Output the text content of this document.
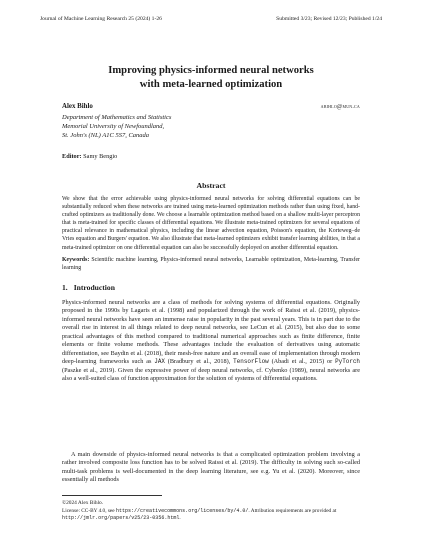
Journal of Machine Learning Research 25 (2024) 1-26	Submitted 3/23; Revised 12/23; Published 1/24
Improving physics-informed neural networks
with meta-learned optimization
Alex Bihlo	abihlo@mun.ca
Department of Mathematics and Statistics
Memorial University of Newfoundland,
St. John's (NL) A1C 5S7, Canada
Editor: Samy Bengio
Abstract
We show that the error achievable using physics-informed neural networks for solving differential equations can be substantially reduced when these networks are trained using meta-learned optimization methods rather than using fixed, hand-crafted optimizers as traditionally done. We choose a learnable optimization method based on a shallow multi-layer perceptron that is meta-trained for specific classes of differential equations. We illustrate meta-trained optimizers for several equations of practical relevance in mathematical physics, including the linear advection equation, Poisson's equation, the Korteweg–de Vries equation and Burgers' equation. We also illustrate that meta-learned optimizers exhibit transfer learning abilities, in that a meta-trained optimizer on one differential equation can also be successfully deployed on another differential equation.
Keywords: Scientific machine learning, Physics-informed neural networks, Learnable optimization, Meta-learning, Transfer learning
1. Introduction
Physics-informed neural networks are a class of methods for solving systems of differential equations. Originally proposed in the 1990s by Lagaris et al. (1998) and popularized through the work of Raissi et al. (2019), physics-informed neural networks have seen an immense raise in popularity in the past several years. This is in part due to the overall rise in interest in all things related to deep neural networks, see LeCun et al. (2015), but also due to some practical advantages of this method compared to traditional numerical approaches such as finite difference, finite elements or finite volume methods. These advantages include the evaluation of derivatives using automatic differentiation, see Baydin et al. (2018), their mesh-free nature and an overall ease of implementation through modern deep-learning frameworks such as JAX (Bradbury et al., 2018), TensorFlow (Abadi et al., 2015) or PyTorch (Paszke et al., 2019). Given the expressive power of deep neural networks, cf. Cybenko (1989), neural networks are also a well-suited class of function approximation for the solution of systems of differential equations.
A main downside of physics-informed neural networks is that a complicated optimization problem involving a rather involved composite loss function has to be solved Raissi et al. (2019). The difficulty in solving such so-called multi-task problems is well-documented in the deep learning literature, see e.g. Yu et al. (2020). Moreover, since essentially all methods
©2024 Alex Bihlo.
License: CC-BY 4.0, see https://creativecommons.org/licenses/by/4.0/. Attribution requirements are provided at http://jmlr.org/papers/v25/23-0356.html.
